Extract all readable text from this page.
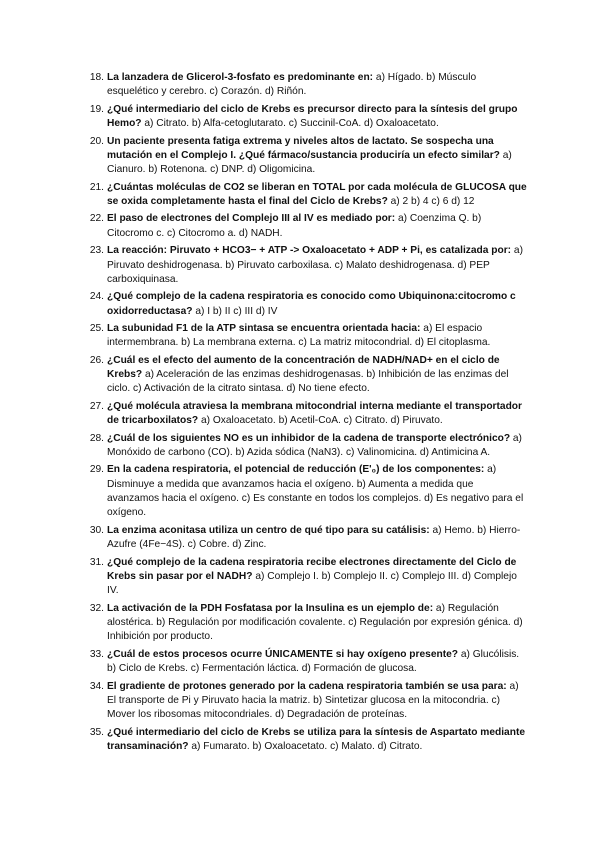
18. La lanzadera de Glicerol-3-fosfato es predominante en: a) Hígado. b) Músculo esquelético y cerebro. c) Corazón. d) Riñón.
19. ¿Qué intermediario del ciclo de Krebs es precursor directo para la síntesis del grupo Hemo? a) Citrato. b) Alfa-cetoglutarato. c) Succinil-CoA. d) Oxaloacetato.
20. Un paciente presenta fatiga extrema y niveles altos de lactato. Se sospecha una mutación en el Complejo I. ¿Qué fármaco/sustancia produciría un efecto similar? a) Cianuro. b) Rotenona. c) DNP. d) Oligomicina.
21. ¿Cuántas moléculas de CO2 se liberan en TOTAL por cada molécula de GLUCOSA que se oxida completamente hasta el final del Ciclo de Krebs? a) 2 b) 4 c) 6 d) 12
22. El paso de electrones del Complejo III al IV es mediado por: a) Coenzima Q. b) Citocromo c. c) Citocromo a. d) NADH.
23. La reacción: Piruvato + HCO3− + ATP -> Oxaloacetato + ADP + Pi, es catalizada por: a) Piruvato deshidrogenasa. b) Piruvato carboxilasa. c) Malato deshidrogenasa. d) PEP carboxiquinasa.
24. ¿Qué complejo de la cadena respiratoria es conocido como Ubiquinona:citocromo c oxidorreductasa? a) I b) II c) III d) IV
25. La subunidad F1 de la ATP sintasa se encuentra orientada hacia: a) El espacio intermembrana. b) La membrana externa. c) La matriz mitocondrial. d) El citoplasma.
26. ¿Cuál es el efecto del aumento de la concentración de NADH/NAD+ en el ciclo de Krebs? a) Aceleración de las enzimas deshidrogenasas. b) Inhibición de las enzimas del ciclo. c) Activación de la citrato sintasa. d) No tiene efecto.
27. ¿Qué molécula atraviesa la membrana mitocondrial interna mediante el transportador de tricarboxilatos? a) Oxaloacetato. b) Acetil-CoA. c) Citrato. d) Piruvato.
28. ¿Cuál de los siguientes NO es un inhibidor de la cadena de transporte electrónico? a) Monóxido de carbono (CO). b) Azida sódica (NaN3). c) Valinomicina. d) Antimicina A.
29. En la cadena respiratoria, el potencial de reducción (E'₀) de los componentes: a) Disminuye a medida que avanzamos hacia el oxígeno. b) Aumenta a medida que avanzamos hacia el oxígeno. c) Es constante en todos los complejos. d) Es negativo para el oxígeno.
30. La enzima aconitasa utiliza un centro de qué tipo para su catálisis: a) Hemo. b) Hierro-Azufre (4Fe−4S). c) Cobre. d) Zinc.
31. ¿Qué complejo de la cadena respiratoria recibe electrones directamente del Ciclo de Krebs sin pasar por el NADH? a) Complejo I. b) Complejo II. c) Complejo III. d) Complejo IV.
32. La activación de la PDH Fosfatasa por la Insulina es un ejemplo de: a) Regulación alostérica. b) Regulación por modificación covalente. c) Regulación por expresión génica. d) Inhibición por producto.
33. ¿Cuál de estos procesos ocurre ÚNICAMENTE si hay oxígeno presente? a) Glucólisis. b) Ciclo de Krebs. c) Fermentación láctica. d) Formación de glucosa.
34. El gradiente de protones generado por la cadena respiratoria también se usa para: a) El transporte de Pi y Piruvato hacia la matriz. b) Sintetizar glucosa en la mitocondria. c) Mover los ribosomas mitocondriales. d) Degradación de proteínas.
35. ¿Qué intermediario del ciclo de Krebs se utiliza para la síntesis de Aspartato mediante transaminación? a) Fumarato. b) Oxaloacetato. c) Malato. d) Citrato.
